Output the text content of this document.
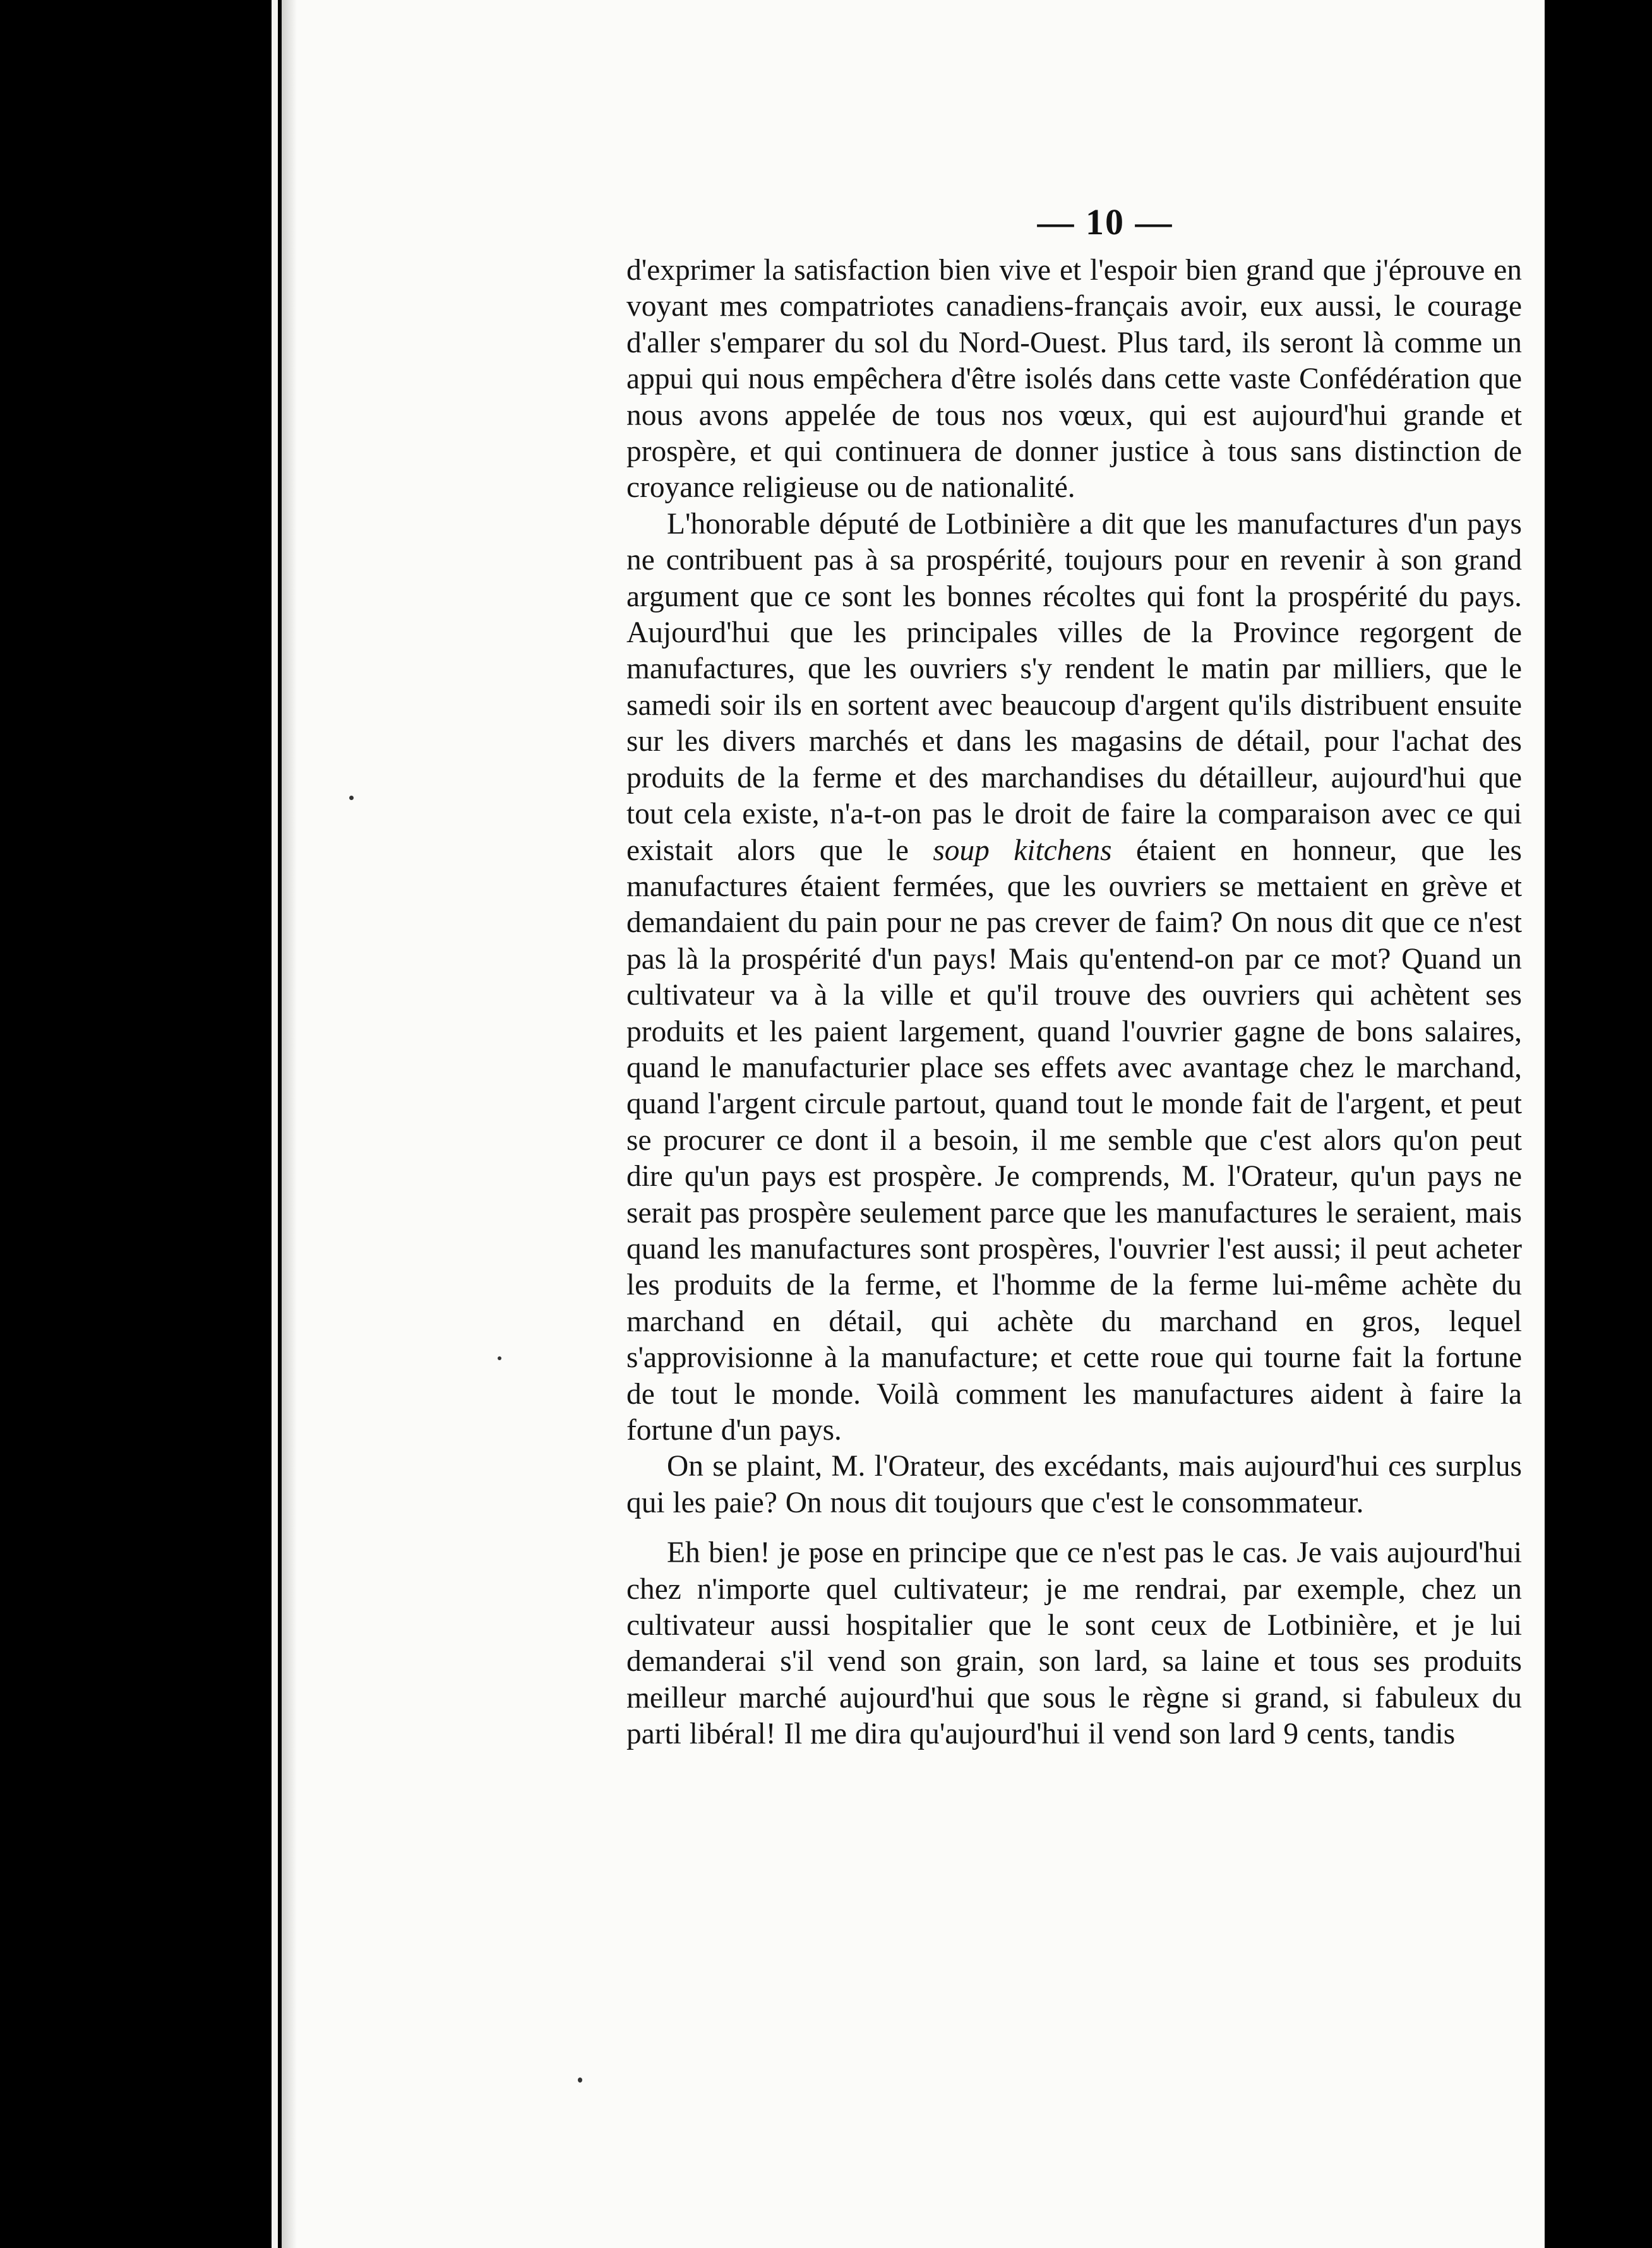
— 10 —

d'exprimer la satisfaction bien vive et l'espoir bien grand que j'éprouve en voyant mes compatriotes canadiens-français avoir, eux aussi, le courage d'aller s'emparer du sol du Nord-Ouest. Plus tard, ils seront là comme un appui qui nous empêchera d'être isolés dans cette vaste Confédération que nous avons appelée de tous nos vœux, qui est aujourd'hui grande et prospère, et qui continuera de donner justice à tous sans distinction de croyance religieuse ou de nationalité.

L'honorable député de Lotbinière a dit que les manufactures d'un pays ne contribuent pas à sa prospérité, toujours pour en revenir à son grand argument que ce sont les bonnes récoltes qui font la prospérité du pays. Aujourd'hui que les principales villes de la Province regorgent de manufactures, que les ouvriers s'y rendent le matin par milliers, que le samedi soir ils en sortent avec beaucoup d'argent qu'ils distribuent ensuite sur les divers marchés et dans les magasins de détail, pour l'achat des produits de la ferme et des marchandises du détailleur, aujourd'hui que tout cela existe, n'a-t-on pas le droit de faire la comparaison avec ce qui existait alors que le soup kitchens étaient en honneur, que les manufactures étaient fermées, que les ouvriers se mettaient en grève et demandaient du pain pour ne pas crever de faim? On nous dit que ce n'est pas là la prospérité d'un pays! Mais qu'entend-on par ce mot? Quand un cultivateur va à la ville et qu'il trouve des ouvriers qui achètent ses produits et les paient largement, quand l'ouvrier gagne de bons salaires, quand le manufacturier place ses effets avec avantage chez le marchand, quand l'argent circule partout, quand tout le monde fait de l'argent, et peut se procurer ce dont il a besoin, il me semble que c'est alors qu'on peut dire qu'un pays est prospère. Je comprends, M. l'Orateur, qu'un pays ne serait pas prospère seulement parce que les manufactures le seraient, mais quand les manufactures sont prospères, l'ouvrier l'est aussi; il peut acheter les produits de la ferme, et l'homme de la ferme lui-même achète du marchand en détail, qui achète du marchand en gros, lequel s'approvisionne à la manufacture; et cette roue qui tourne fait la fortune de tout le monde. Voilà comment les manufactures aident à faire la fortune d'un pays.

On se plaint, M. l'Orateur, des excédants, mais aujourd'hui ces surplus qui les paie? On nous dit toujours que c'est le consommateur.

Eh bien! je pose en principe que ce n'est pas le cas. Je vais aujourd'hui chez n'importe quel cultivateur; je me rendrai, par exemple, chez un cultivateur aussi hospitalier que le sont ceux de Lotbinière, et je lui demanderai s'il vend son grain, son lard, sa laine et tous ses produits meilleur marché aujourd'hui que sous le règne si grand, si fabuleux du parti libéral! Il me dira qu'aujourd'hui il vend son lard 9 cents, tandis
